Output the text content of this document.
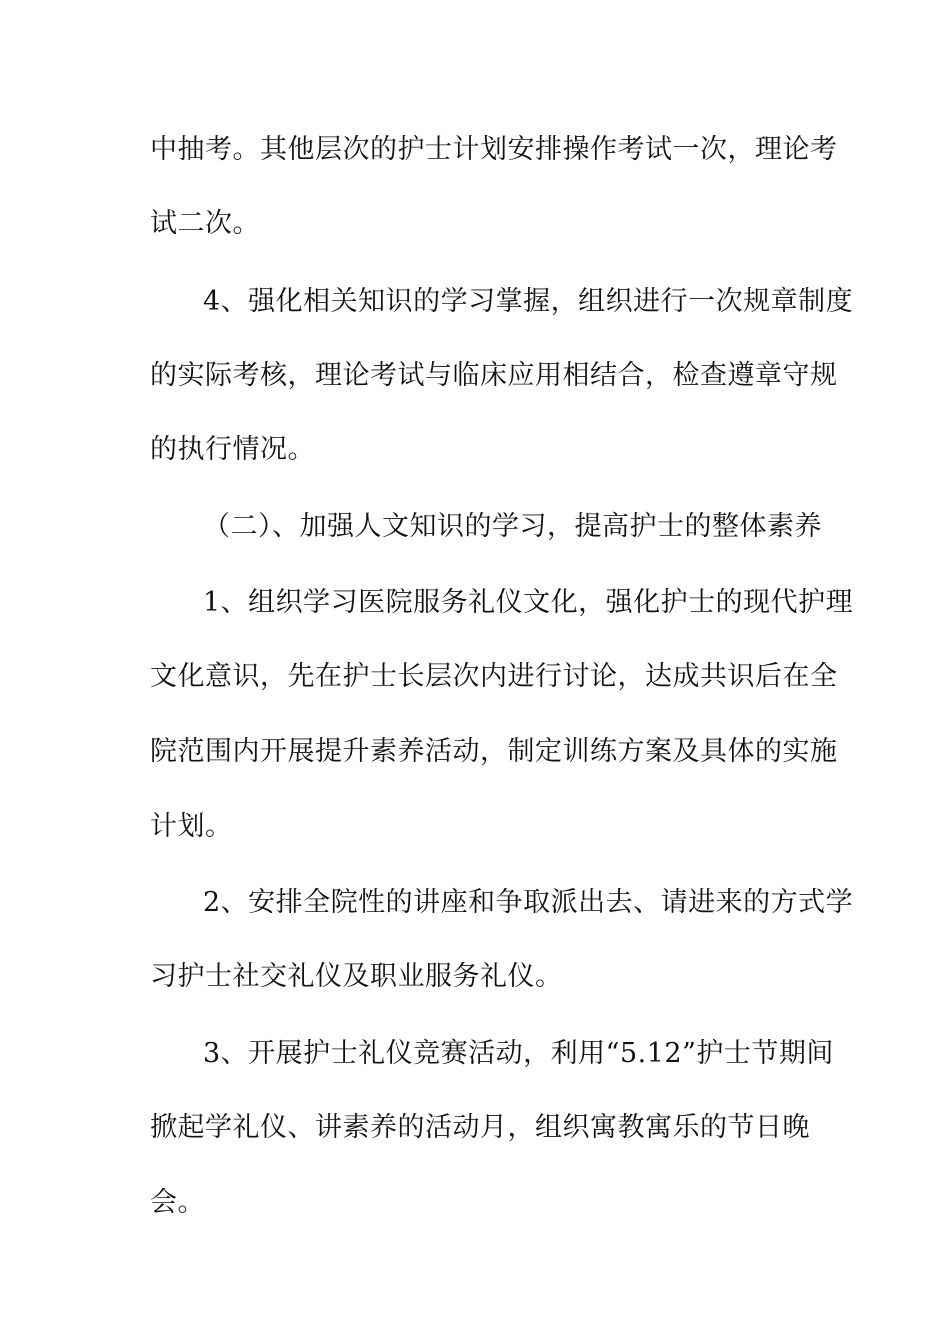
中抽考。其他层次的护士计划安排操作考试一次，理论考
试二次。
4、强化相关知识的学习掌握，组织进行一次规章制度
的实际考核，理论考试与临床应用相结合，检查遵章守规
的执行情况。
（二）、加强人文知识的学习，提高护士的整体素养
1、组织学习医院服务礼仪文化，强化护士的现代护理
文化意识，先在护士长层次内进行讨论，达成共识后在全
院范围内开展提升素养活动，制定训练方案及具体的实施
计划。
2、安排全院性的讲座和争取派出去、请进来的方式学
习护士社交礼仪及职业服务礼仪。
3、开展护士礼仪竞赛活动，利用“5.12”护士节期间
掀起学礼仪、讲素养的活动月，组织寓教寓乐的节日晚
会。
